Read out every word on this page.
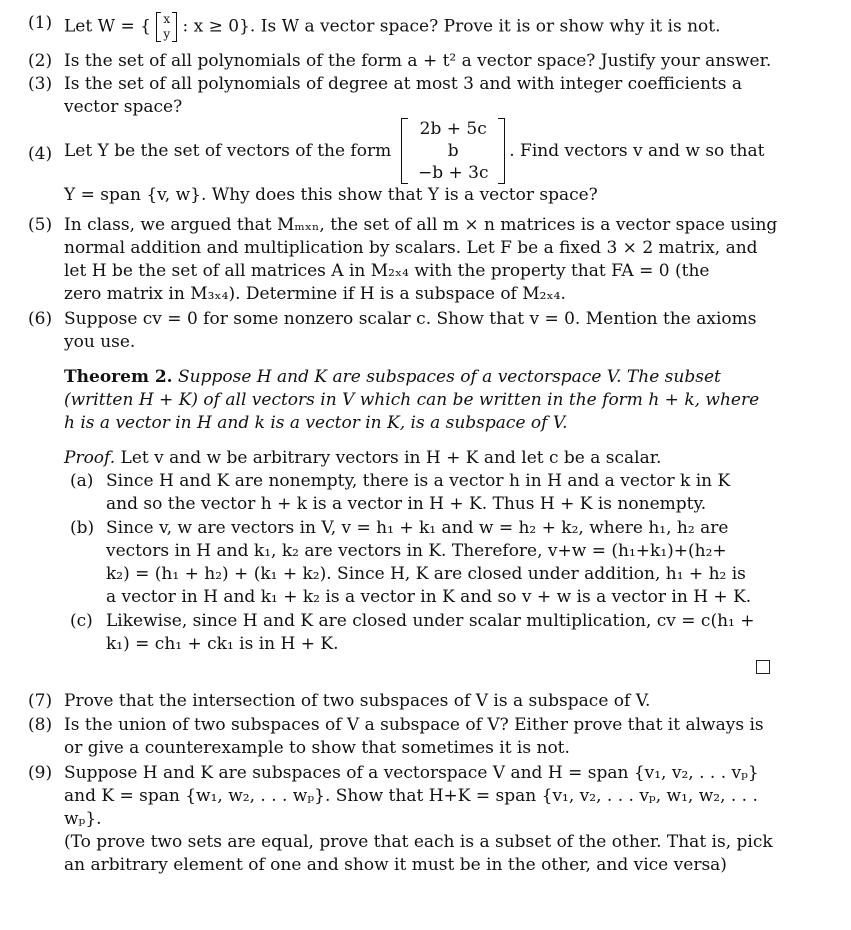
(1) Let W = { x
y : x ≥ 0}. Is W a vector space? Prove it is or show why it is not.
(2) Is the set of all polynomials of the form a + t² a vector space? Justify your answer.
(3) Is the set of all polynomials of degree at most 3 and with integer coefficients a
vector space?
(4) Let Y be the set of vectors of the form
2b + 5c
b
−b + 3c
. Find vectors v and w so that
Y = span {v, w}. Why does this show that Y is a vector space?
(5) In class, we argued that Mₘₓₙ, the set of all m × n matrices is a vector space using
normal addition and multiplication by scalars. Let F be a fixed 3 × 2 matrix, and
let H be the set of all matrices A in M₂ₓ₄ with the property that FA = 0 (the
zero matrix in M₃ₓ₄). Determine if H is a subspace of M₂ₓ₄.
(6) Suppose cv = 0 for some nonzero scalar c. Show that v = 0. Mention the axioms
you use.
Theorem 2. Suppose H and K are subspaces of a vectorspace V. The subset
(written H + K) of all vectors in V which can be written in the form h + k, where
h is a vector in H and k is a vector in K, is a subspace of V.
Proof. Let v and w be arbitrary vectors in H + K and let c be a scalar.
(a) Since H and K are nonempty, there is a vector h in H and a vector k in K
and so the vector h + k is a vector in H + K. Thus H + K is nonempty.
(b) Since v, w are vectors in V, v = h₁ + k₁ and w = h₂ + k₂, where h₁, h₂ are
vectors in H and k₁, k₂ are vectors in K. Therefore, v+w = (h₁+k₁)+(h₂+
k₂) = (h₁ + h₂) + (k₁ + k₂). Since H, K are closed under addition, h₁ + h₂ is
a vector in H and k₁ + k₂ is a vector in K and so v + w is a vector in H + K.
(c) Likewise, since H and K are closed under scalar multiplication, cv = c(h₁ +
k₁) = ch₁ + ck₁ is in H + K.
(7) Prove that the intersection of two subspaces of V is a subspace of V.
(8) Is the union of two subspaces of V a subspace of V? Either prove that it always is
or give a counterexample to show that sometimes it is not.
(9) Suppose H and K are subspaces of a vectorspace V and H = span {v₁, v₂, . . . vₚ}
and K = span {w₁, w₂, . . . wₚ}. Show that H+K = span {v₁, v₂, . . . vₚ, w₁, w₂, . . . wₚ}.
(To prove two sets are equal, prove that each is a subset of the other. That is, pick
an arbitrary element of one and show it must be in the other, and vice versa)
